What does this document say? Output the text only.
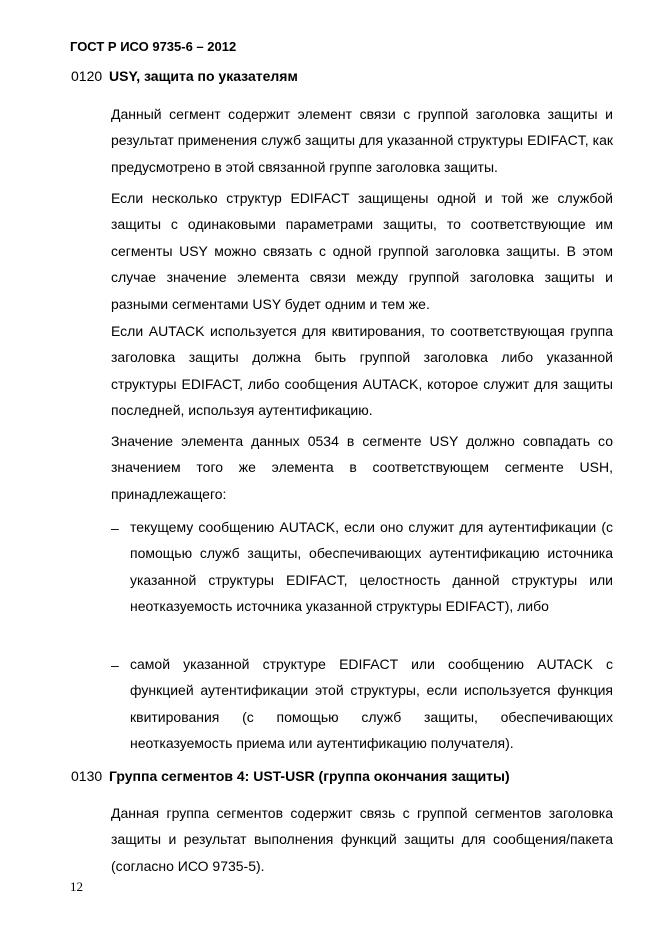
ГОСТ Р ИСО 9735-6 – 2012
0120 USY, защита по указателям

Данный сегмент содержит элемент связи с группой заголовка защиты и результат применения служб защиты для указанной структуры EDIFACT, как предусмотрено в этой связанной группе заголовка защиты.

Если несколько структур EDIFACT защищены одной и той же службой защиты с одинаковыми параметрами защиты, то соответствующие им сегменты USY можно связать с одной группой заголовка защиты. В этом случае значение элемента связи между группой заголовка защиты и разными сегментами USY будет одним и тем же.

Если AUTACK используется для квитирования, то соответствующая группа заголовка защиты должна быть группой заголовка либо указанной структуры EDIFACT, либо сообщения AUTACK, которое служит для защиты последней, используя аутентификацию.

Значение элемента данных 0534 в сегменте USY должно совпадать со значением того же элемента в соответствующем сегменте USH, принадлежащего:

– текущему сообщению AUTACK, если оно служит для аутентификации (с помощью служб защиты, обеспечивающих аутентификацию источника указанной структуры EDIFACT, целостность данной структуры или неотказуемость источника указанной структуры EDIFACT), либо

– самой указанной структуре EDIFACT или сообщению AUTACK с функцией аутентификации этой структуры, если используется функция квитирования (с помощью служб защиты, обеспечивающих неотказуемость приема или аутентификацию получателя).

0130 Группа сегментов 4: UST-USR (группа окончания защиты)

Данная группа сегментов содержит связь с группой сегментов заголовка защиты и результат выполнения функций защиты для сообщения/пакета (согласно ИСО 9735-5).

12
